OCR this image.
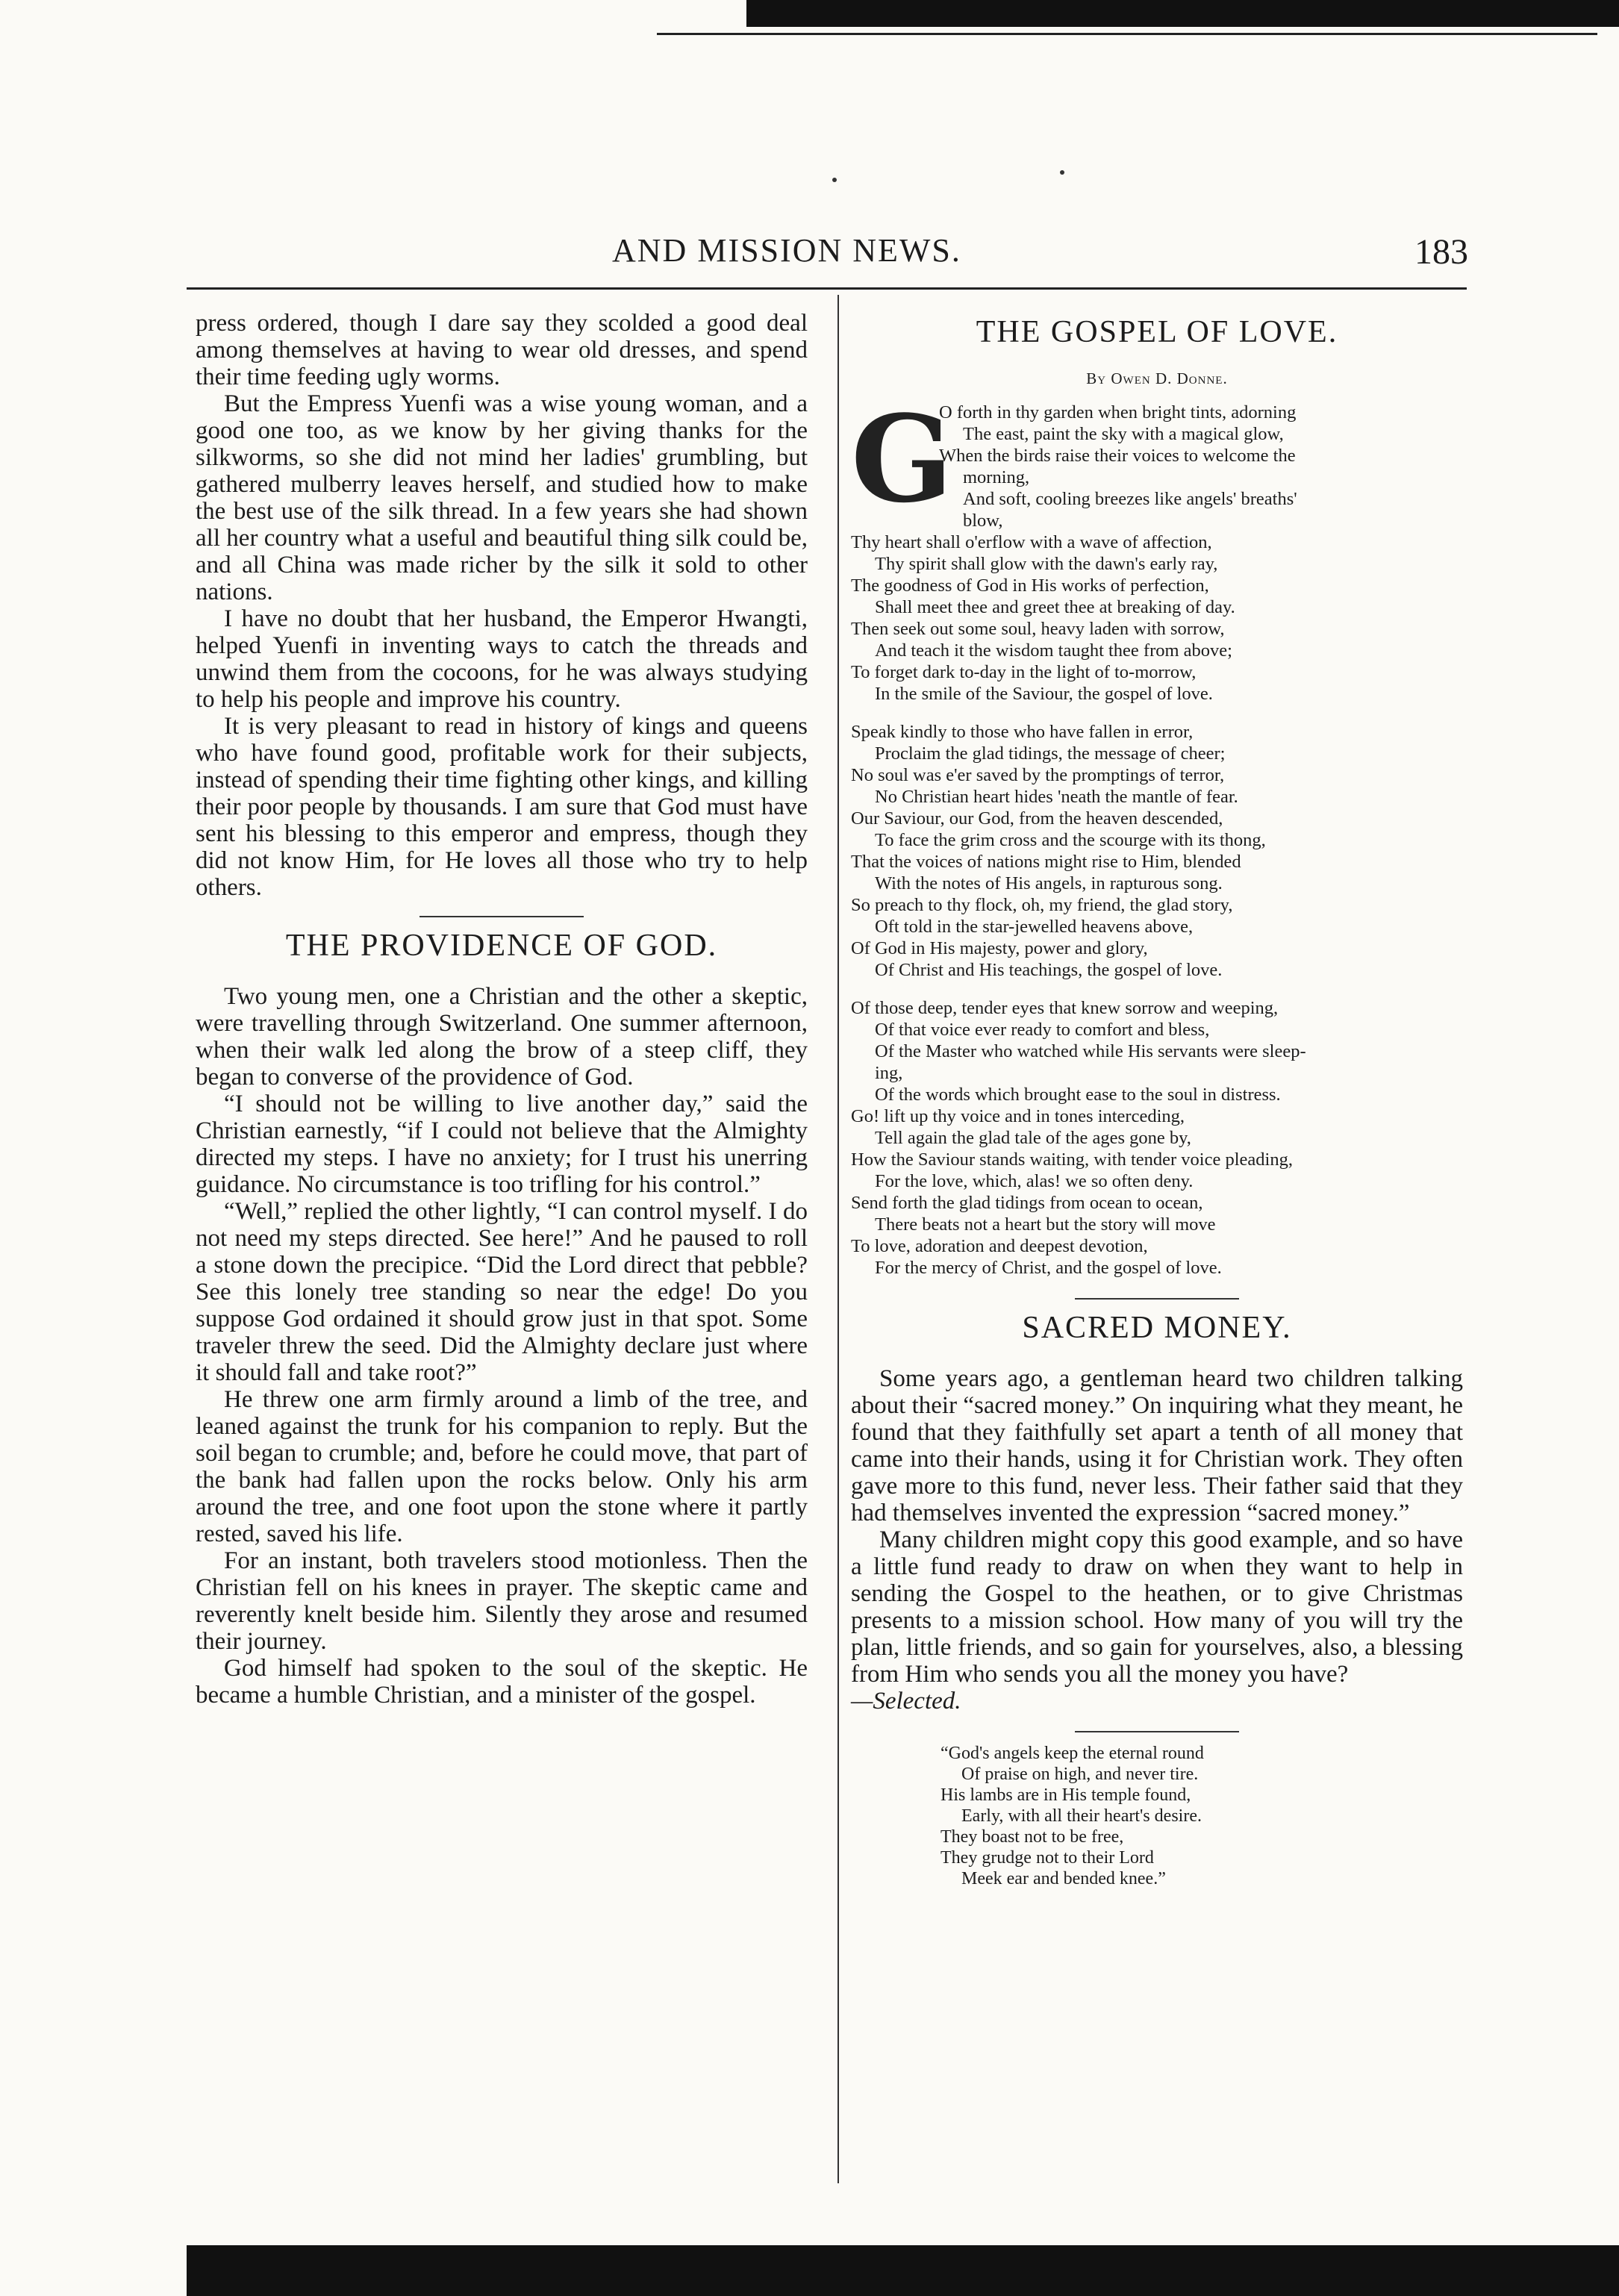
AND MISSION NEWS.	183

press ordered, though I dare say they scolded a good deal among themselves at having to wear old dresses, and spend their time feeding ugly worms.

But the Empress Yuenfi was a wise young woman, and a good one too, as we know by her giving thanks for the silkworms, so she did not mind her ladies' grumbling, but gathered mulberry leaves herself, and studied how to make the best use of the silk thread. In a few years she had shown all her country what a useful and beautiful thing silk could be, and all China was made richer by the silk it sold to other nations.

I have no doubt that her husband, the Emperor Hwangti, helped Yuenfi in inventing ways to catch the threads and unwind them from the cocoons, for he was always studying to help his people and improve his country.

It is very pleasant to read in history of kings and queens who have found good, profitable work for their subjects, instead of spending their time fighting other kings, and killing their poor people by thousands. I am sure that God must have sent his blessing to this emperor and empress, though they did not know Him, for He loves all those who try to help others.

THE PROVIDENCE OF GOD.

Two young men, one a Christian and the other a skeptic, were travelling through Switzerland. One summer afternoon, when their walk led along the brow of a steep cliff, they began to converse of the providence of God.

“I should not be willing to live another day,” said the Christian earnestly, “if I could not believe that the Almighty directed my steps. I have no anxiety; for I trust his unerring guidance. No circumstance is too trifling for his control.”

“Well,” replied the other lightly, “I can control myself. I do not need my steps directed. See here!” And he paused to roll a stone down the precipice. “Did the Lord direct that pebble? See this lonely tree standing so near the edge! Do you suppose God ordained it should grow just in that spot. Some traveler threw the seed. Did the Almighty declare just where it should fall and take root?”

He threw one arm firmly around a limb of the tree, and leaned against the trunk for his companion to reply. But the soil began to crumble; and, before he could move, that part of the bank had fallen upon the rocks below. Only his arm around the tree, and one foot upon the stone where it partly rested, saved his life.

For an instant, both travelers stood motionless. Then the Christian fell on his knees in prayer. The skeptic came and reverently knelt beside him. Silently they arose and resumed their journey.

God himself had spoken to the soul of the skeptic. He became a humble Christian, and a minister of the gospel.

THE GOSPEL OF LOVE.
By Owen D. Donne.
G
O forth in thy garden when bright tints, adorning
The east, paint the sky with a magical glow,
When the birds raise their voices to welcome the
morning,
And soft, cooling breezes like angels' breaths'
blow,
Thy heart shall o'erflow with a wave of affection,
Thy spirit shall glow with the dawn's early ray,
The goodness of God in His works of perfection,
Shall meet thee and greet thee at breaking of day.
Then seek out some soul, heavy laden with sorrow,
And teach it the wisdom taught thee from above;
To forget dark to-day in the light of to-morrow,
In the smile of the Saviour, the gospel of love.
Speak kindly to those who have fallen in error,
Proclaim the glad tidings, the message of cheer;
No soul was e'er saved by the promptings of terror,
No Christian heart hides 'neath the mantle of fear.
Our Saviour, our God, from the heaven descended,
To face the grim cross and the scourge with its thong,
That the voices of nations might rise to Him, blended
With the notes of His angels, in rapturous song.
So preach to thy flock, oh, my friend, the glad story,
Oft told in the star-jewelled heavens above,
Of God in His majesty, power and glory,
Of Christ and His teachings, the gospel of love.
Of those deep, tender eyes that knew sorrow and weeping,
Of that voice ever ready to comfort and bless,
Of the Master who watched while His servants were sleep-
ing,
Of the words which brought ease to the soul in distress.
Go! lift up thy voice and in tones interceding,
Tell again the glad tale of the ages gone by,
How the Saviour stands waiting, with tender voice pleading,
For the love, which, alas! we so often deny.
Send forth the glad tidings from ocean to ocean,
There beats not a heart but the story will move
To love, adoration and deepest devotion,
For the mercy of Christ, and the gospel of love.
SACRED MONEY.

Some years ago, a gentleman heard two children talking about their “sacred money.” On inquiring what they meant, he found that they faithfully set apart a tenth of all money that came into their hands, using it for Christian work. They often gave more to this fund, never less. Their father said that they had themselves invented the expression “sacred money.”

Many children might copy this good example, and so have a little fund ready to draw on when they want to help in sending the Gospel to the heathen, or to give Christmas presents to a mission school. How many of you will try the plan, little friends, and so gain for yourselves, also, a blessing from Him who sends you all the money you have?

—Selected.

“God's angels keep the eternal round
Of praise on high, and never tire.
His lambs are in His temple found,
Early, with all their heart's desire.
They boast not to be free,
They grudge not to their Lord
Meek ear and bended knee.”
